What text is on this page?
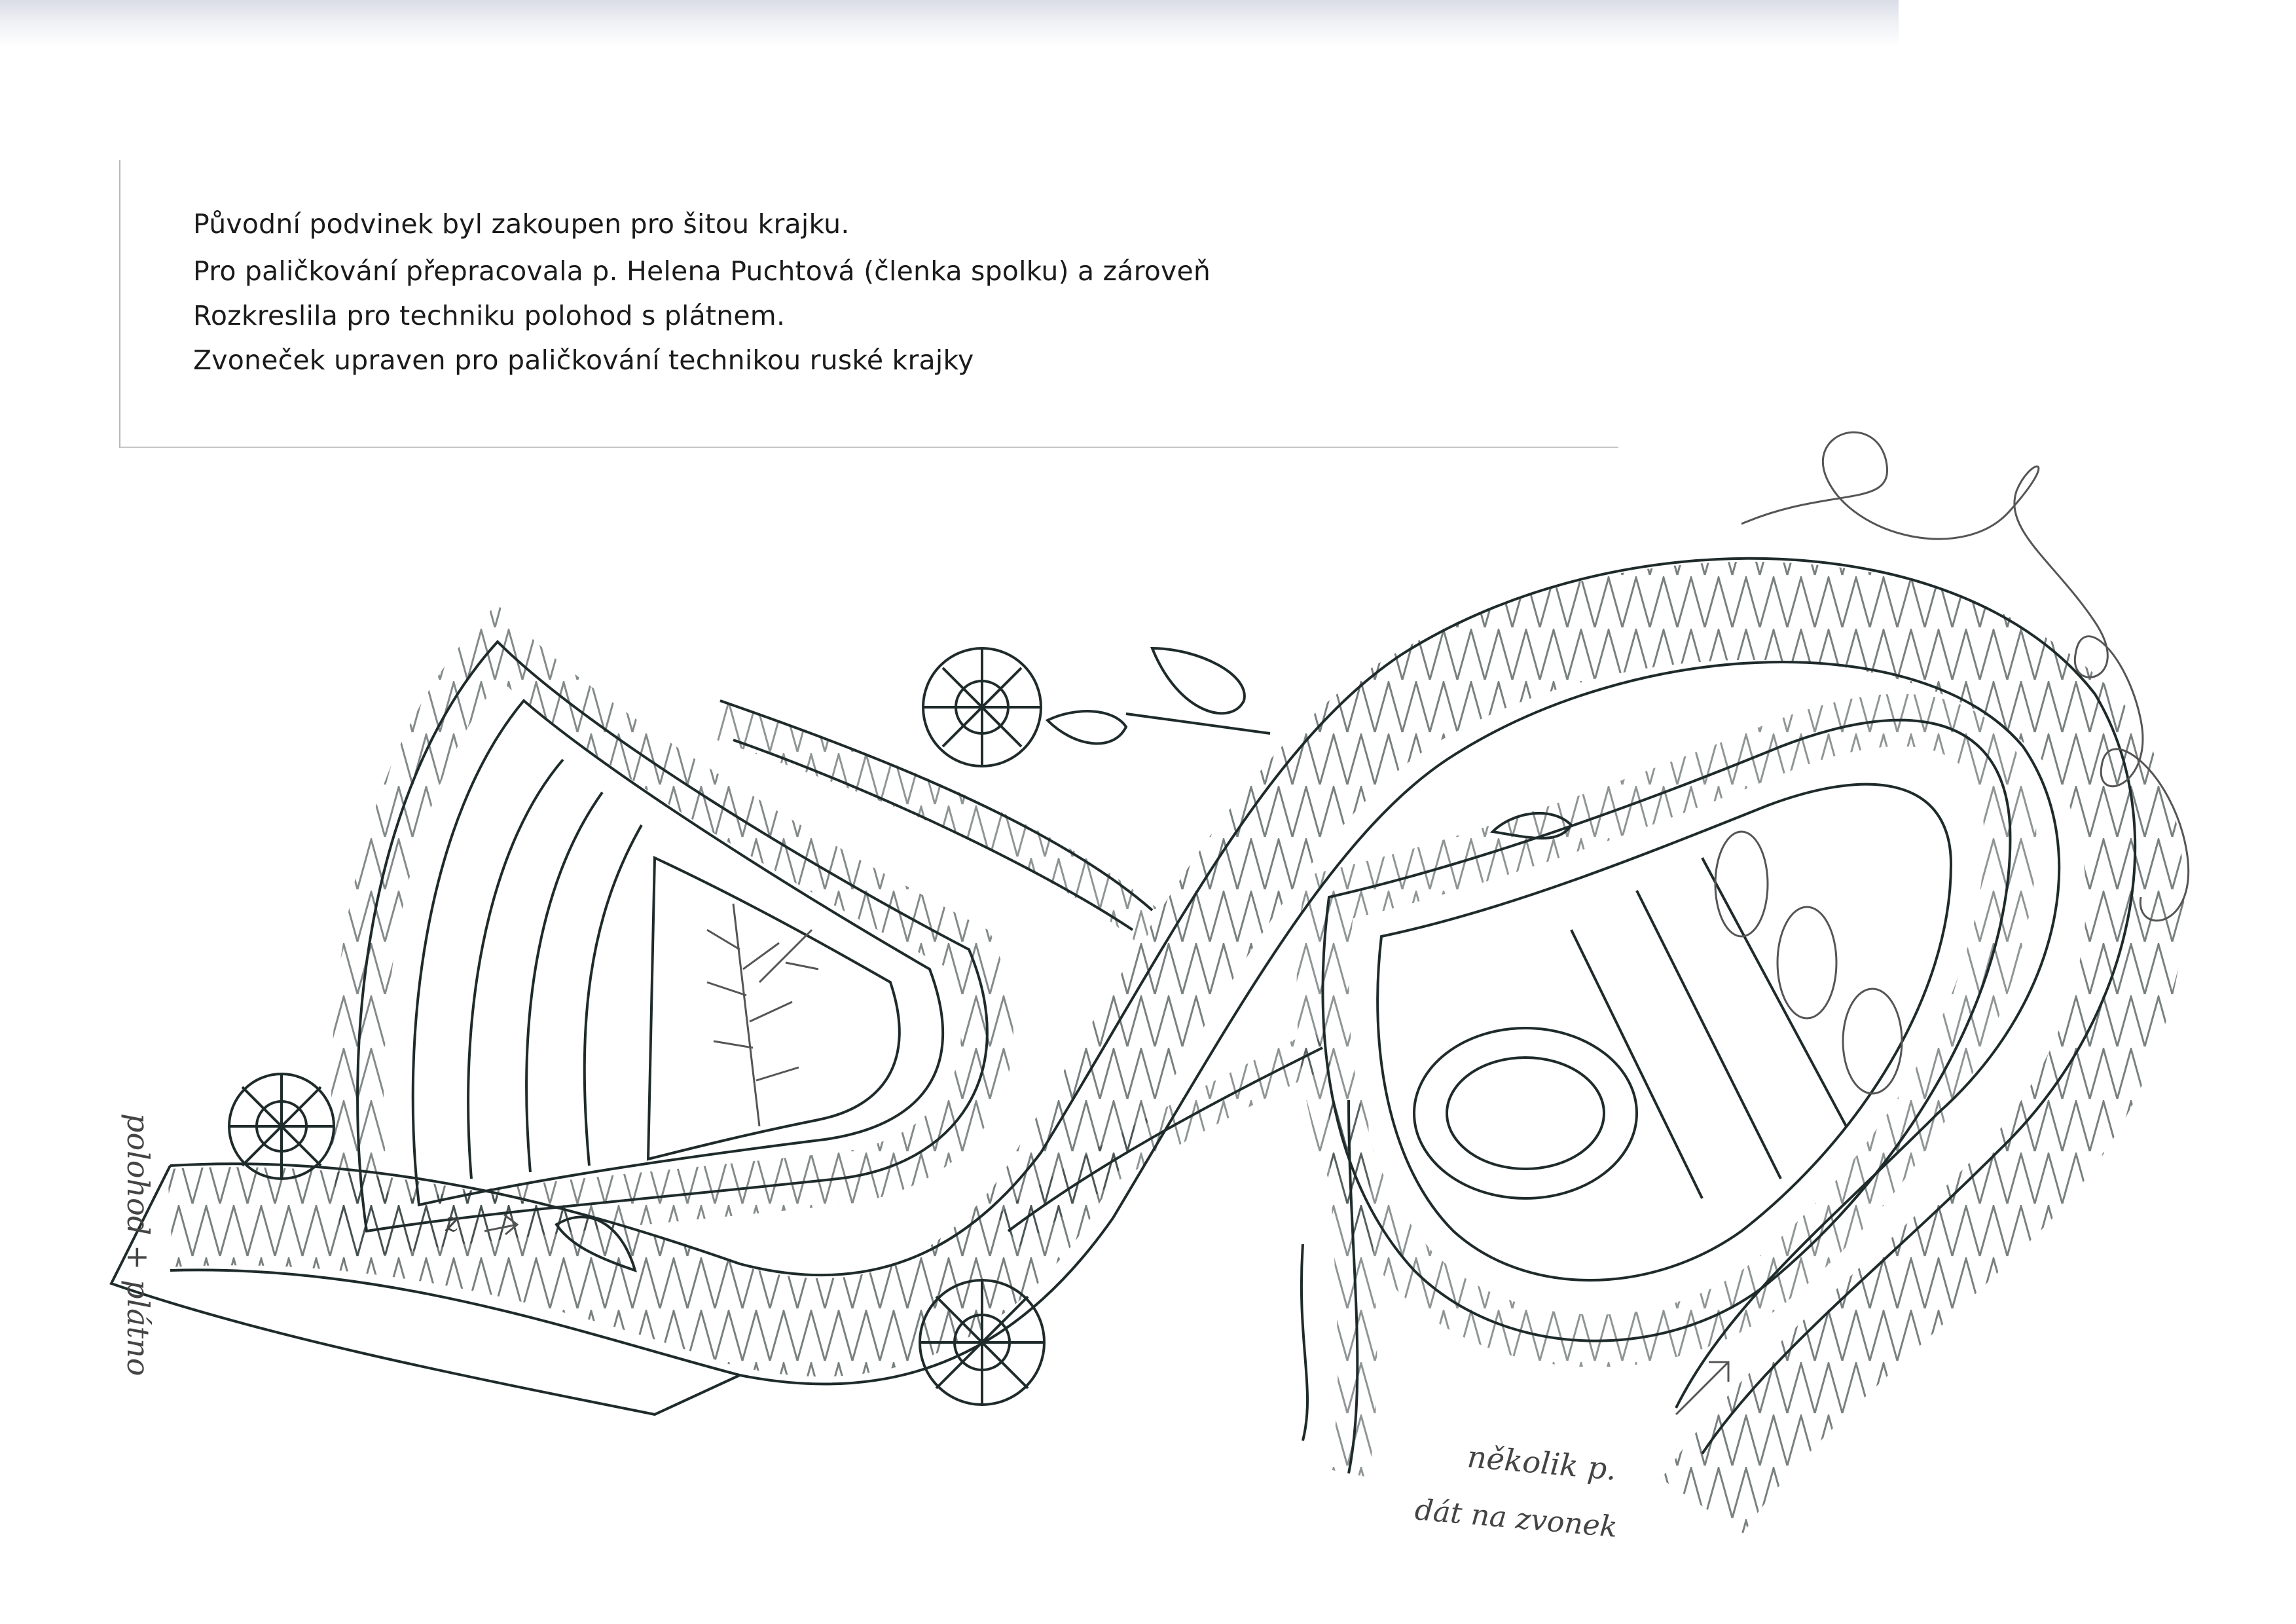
Původní podvinek byl zakoupen pro šitou krajku.
Pro paličkování přepracovala p. Helena Puchtová (členka spolku) a zároveň
Rozkreslila pro techniku polohod s plátnem.
Zvoneček upraven pro paličkování technikou ruské krajky
polohod + plátno
několik p.
dát na zvonek
z
